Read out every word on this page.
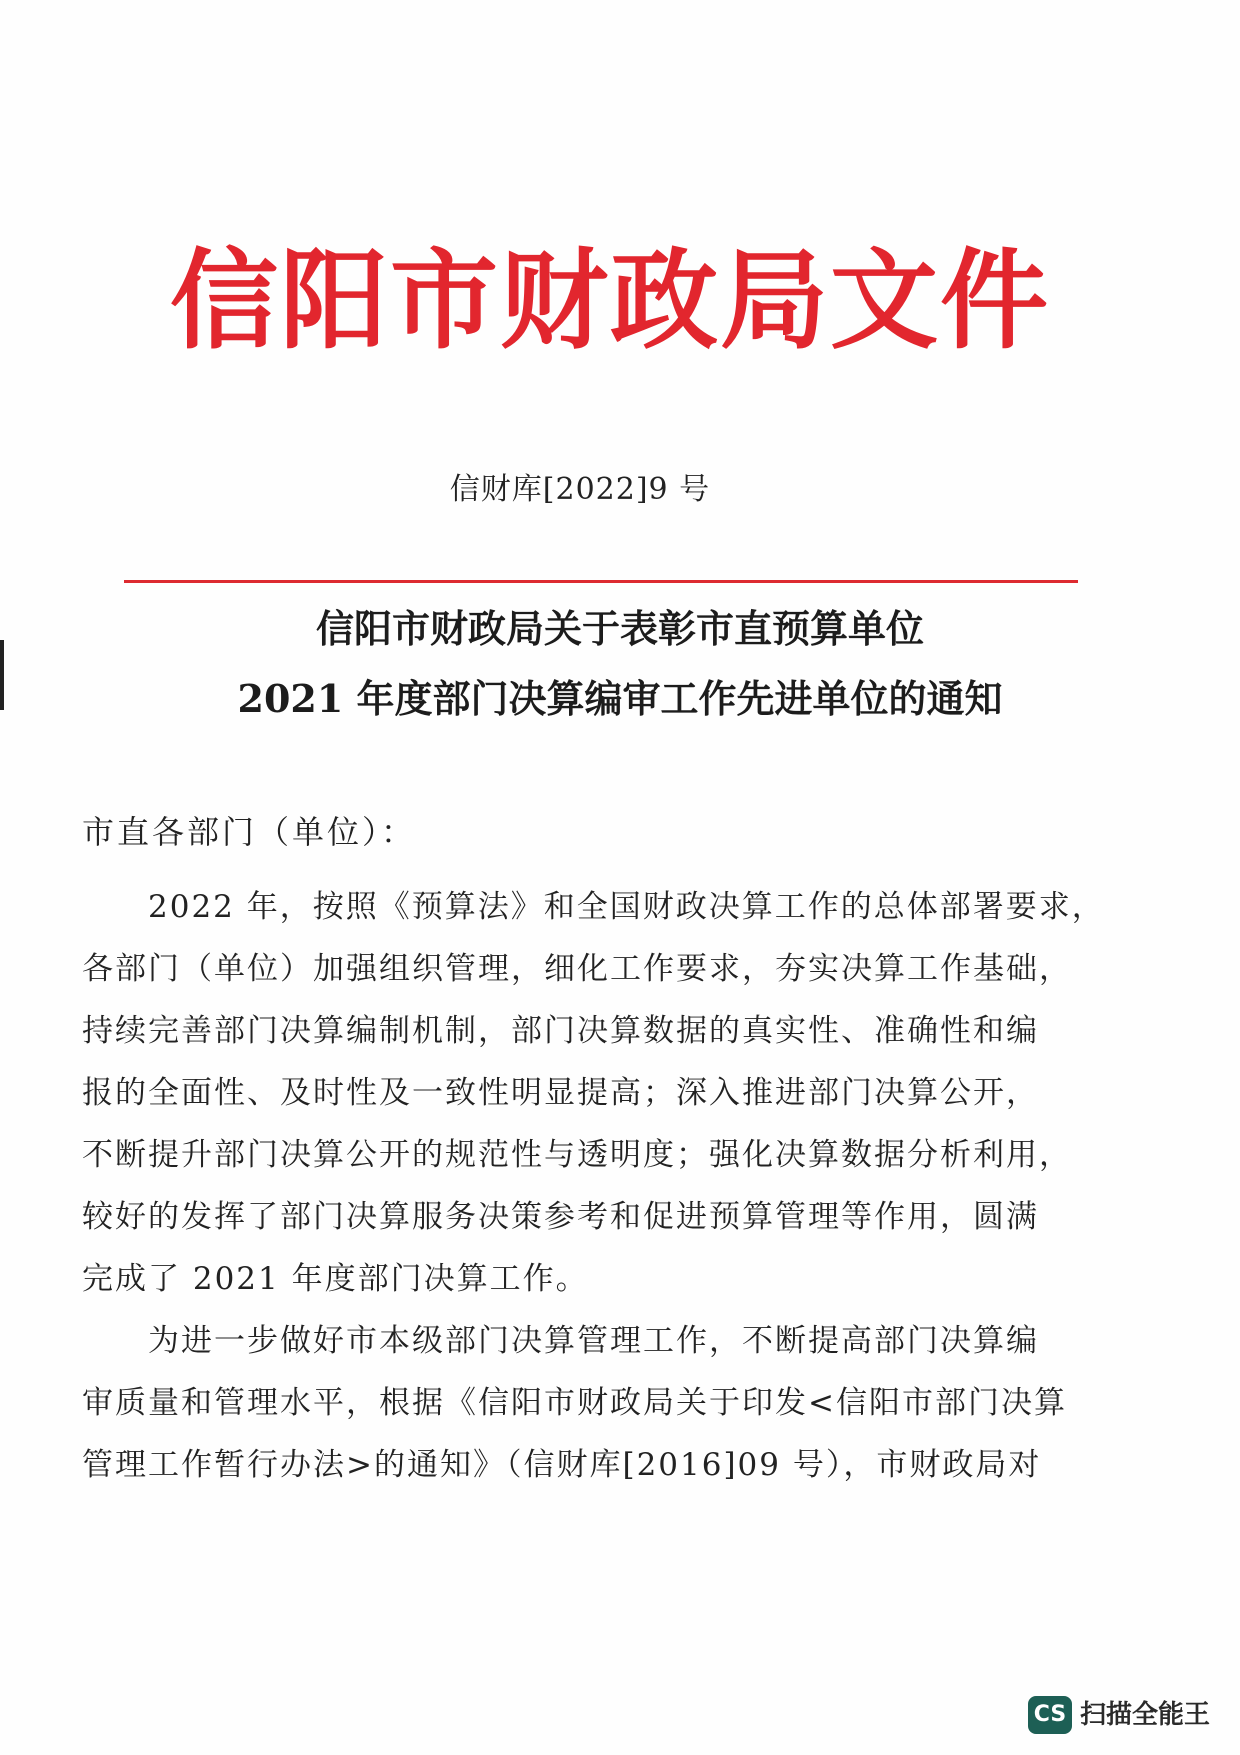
信阳市财政局文件
信财库[2022]9 号
信阳市财政局关于表彰市直预算单位
2021 年度部门决算编审工作先进单位的通知
市直各部门（单位）：
　　2022 年，按照《预算法》和全国财政决算工作的总体部署要求，
各部门（单位）加强组织管理，细化工作要求，夯实决算工作基础，
持续完善部门决算编制机制，部门决算数据的真实性、准确性和编
报的全面性、及时性及一致性明显提高；深入推进部门决算公开，
不断提升部门决算公开的规范性与透明度；强化决算数据分析利用，
较好的发挥了部门决算服务决策参考和促进预算管理等作用，圆满
完成了 2021 年度部门决算工作。
　　为进一步做好市本级部门决算管理工作，不断提高部门决算编
审质量和管理水平，根据《信阳市财政局关于印发<信阳市部门决算
管理工作暂行办法>的通知》（信财库[2016]09 号），市财政局对
CS 扫描全能王
